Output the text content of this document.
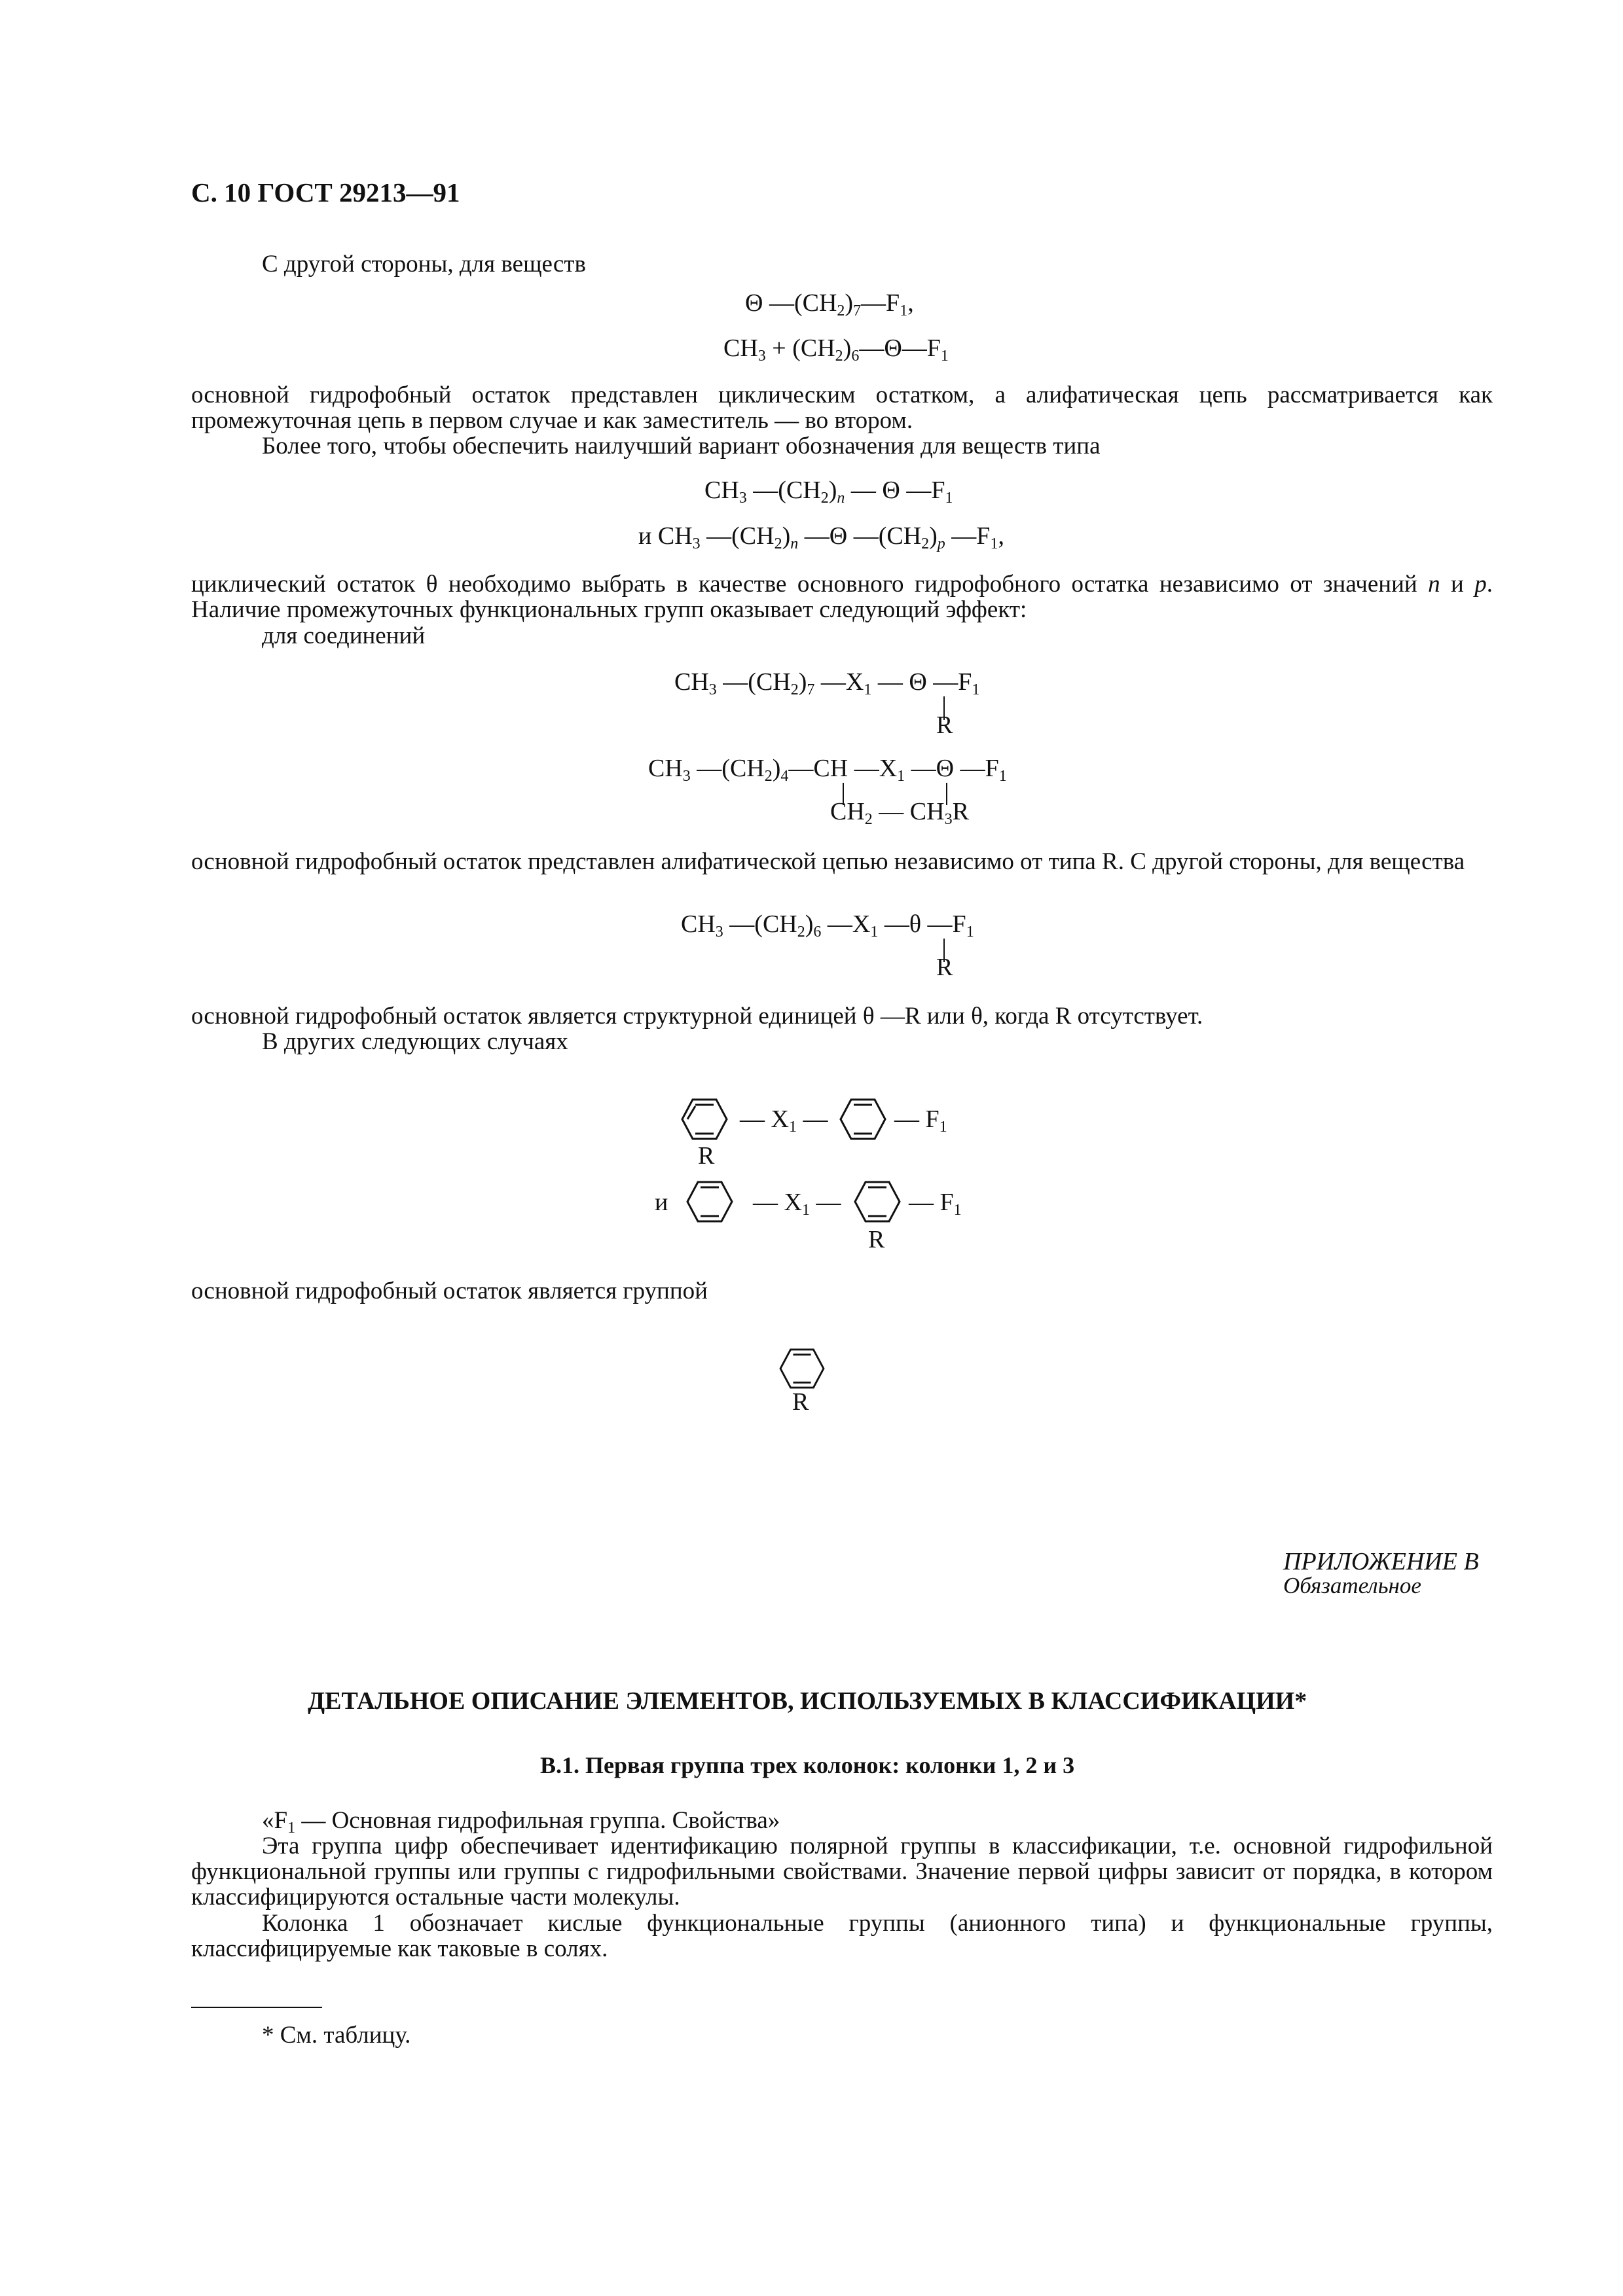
С. 10 ГОСТ 29213—91
С другой стороны, для веществ
Θ $—(CH_2)_7—F_1$,
$CH_3$ + $(CH_2)_6—\Theta—F_1$
основной гидрофобный остаток представлен циклическим остатком, а алифатическая цепь рассматривается как промежуточная цепь в первом случае и как заместитель — во втором.
Более того, чтобы обеспечить наилучший вариант обозначения для веществ типа
$CH_3$ $—(CH_2)_n$ — Θ $—F_1$
и $CH_3$ $—(CH_2)_n$ —Θ $—(CH_2)_p$ $—F_1$,
циклический остаток θ необходимо выбрать в качестве основного гидрофобного остатка независимо от значений n и p. Наличие промежуточных функциональных групп оказывает следующий эффект:
для соединений
$CH_3$ $—(CH_2)_7$ $—X_1$ — Θ $—F_1$
R
$CH_3$ $—(CH_2)_4—CH$ $—X_1$ —Θ $—F_1$
$CH_2$ — $CH_3R$
основной гидрофобный остаток представлен алифатической цепью независимо от типа R. С другой стороны, для вещества
$CH_3$ $—(CH_2)_6$ $—X_1$ —θ $—F_1$
R
основной гидрофобный остаток является структурной единицей θ —R или θ, когда R отсутствует.
В других следующих случаях
— $X_1$ —	— $F_1$
R
и	— $X_1$ —	— $F_1$
R
основной гидрофобный остаток является группой
R
ПРИЛОЖЕНИЕ В
Обязательное
ДЕТАЛЬНОЕ ОПИСАНИЕ ЭЛЕМЕНТОВ, ИСПОЛЬЗУЕМЫХ В КЛАССИФИКАЦИИ*
В.1. Первая группа трех колонок: колонки 1, 2 и 3
«$F_1$ — Основная гидрофильная группа. Свойства»
Эта группа цифр обеспечивает идентификацию полярной группы в классификации, т.е. основной гидрофильной функциональной группы или группы с гидрофильными свойствами. Значение первой цифры зависит от порядка, в котором классифицируются остальные части молекулы.
Колонка 1 обозначает кислые функциональные группы (анионного типа) и функциональные группы, классифицируемые как таковые в солях.
* См. таблицу.
